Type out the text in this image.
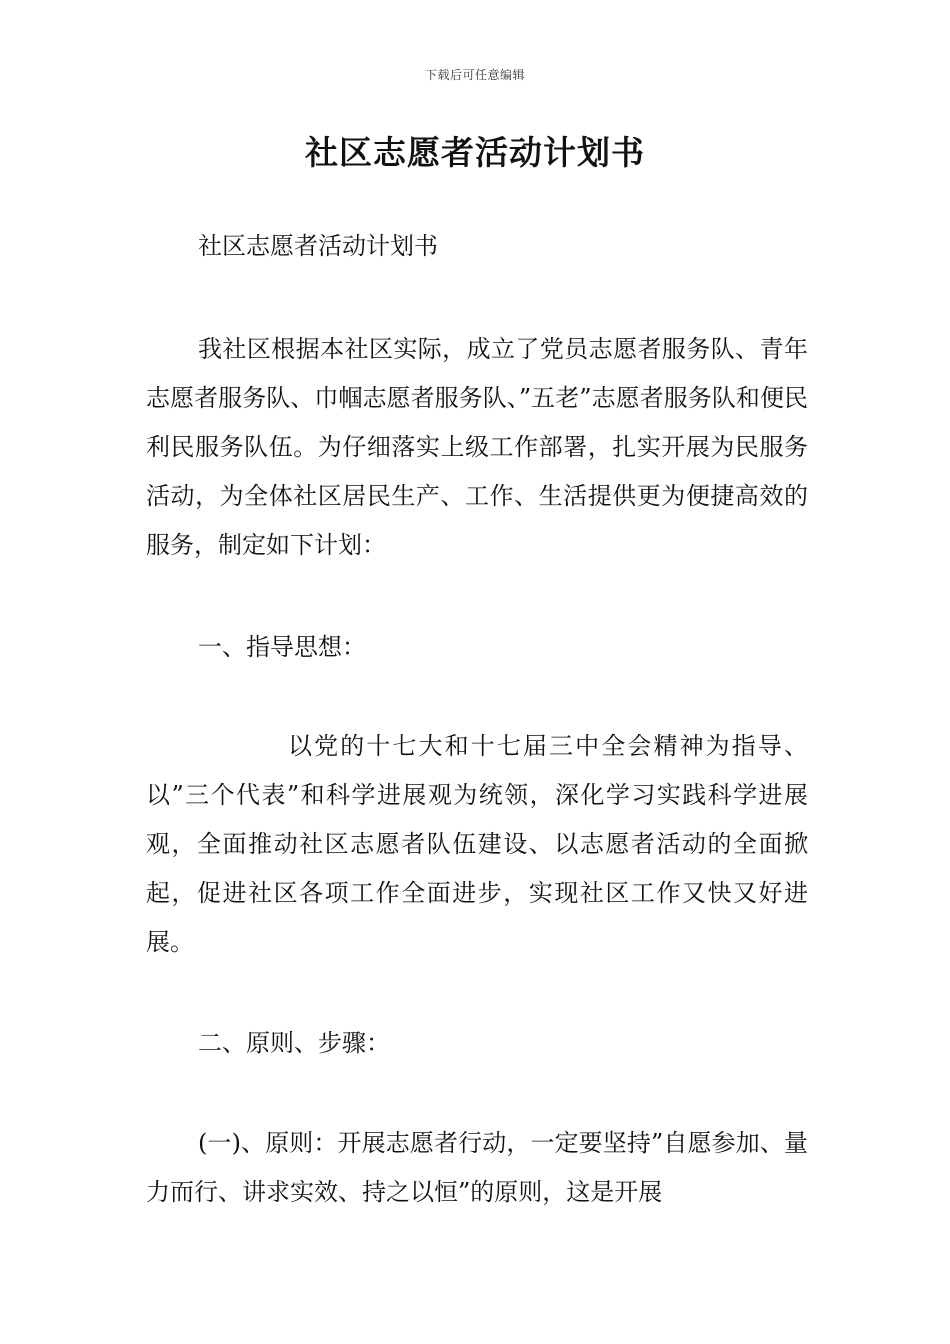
下载后可任意编辑
社区志愿者活动计划书

社区志愿者活动计划书

我社区根据本社区实际，成立了党员志愿者服务队、青年志愿者服务队、巾帼志愿者服务队、”五老”志愿者服务队和便民利民服务队伍。为仔细落实上级工作部署，扎实开展为民服务活动，为全体社区居民生产、工作、生活提供更为便捷高效的服务，制定如下计划：

一、指导思想：

以党的十七大和十七届三中全会精神为指导、以”三个代表”和科学进展观为统领，深化学习实践科学进展观，全面推动社区志愿者队伍建设、以志愿者活动的全面掀起，促进社区各项工作全面进步，实现社区工作又快又好进展。

二、原则、步骤：

(一)、原则：开展志愿者行动，一定要坚持”自愿参加、量力而行、讲求实效、持之以恒”的原则，这是开展
